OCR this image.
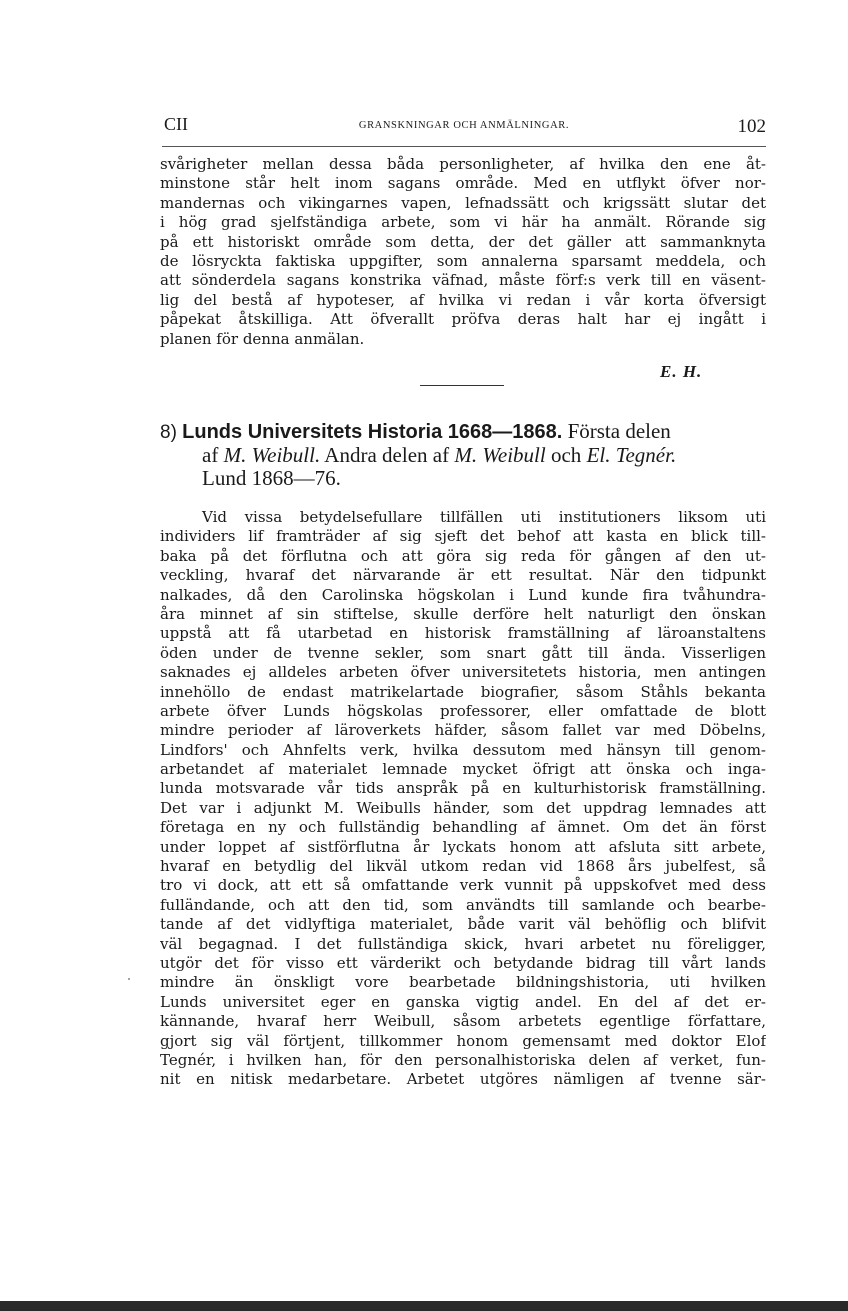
CII	GRANSKNINGAR OCH ANMÄLNINGAR.	102
svårigheter mellan dessa båda personligheter, af hvilka den ene åt-
minstone står helt inom sagans område. Med en utflykt öfver nor-
mandernas och vikingarnes vapen, lefnadssätt och krigssätt slutar det
i hög grad sjelfständiga arbete, som vi här ha anmält. Rörande sig
på ett historiskt område som detta, der det gäller att sammanknyta
de lösryckta faktiska uppgifter, som annalerna sparsamt meddela, och
att sönderdela sagans konstrika väfnad, måste förf:s verk till en väsent-
lig del bestå af hypoteser, af hvilka vi redan i vår korta öfversigt
påpekat åtskilliga. Att öfverallt pröfva deras halt har ej ingått i
planen för denna anmälan.
E. H.
8) Lunds Universitets Historia 1668—1868. Första delen
af M. Weibull. Andra delen af M. Weibull och El. Tegnér.
Lund 1868—76.
Vid vissa betydelsefullare tillfällen uti institutioners liksom uti
individers lif framträder af sig sjeft det behof att kasta en blick till-
baka på det förflutna och att göra sig reda för gången af den ut-
veckling, hvaraf det närvarande är ett resultat. När den tidpunkt
nalkades, då den Carolinska högskolan i Lund kunde fira tvåhundra-
åra minnet af sin stiftelse, skulle derföre helt naturligt den önskan
uppstå att få utarbetad en historisk framställning af läroanstaltens
öden under de tvenne sekler, som snart gått till ända. Visserligen
saknades ej alldeles arbeten öfver universitetets historia, men antingen
innehöllo de endast matrikelartade biografier, såsom Ståhls bekanta
arbete öfver Lunds högskolas professorer, eller omfattade de blott
mindre perioder af läroverkets häfder, såsom fallet var med Döbelns,
Lindfors' och Ahnfelts verk, hvilka dessutom med hänsyn till genom-
arbetandet af materialet lemnade mycket öfrigt att önska och inga-
lunda motsvarade vår tids anspråk på en kulturhistorisk framställning.
Det var i adjunkt M. Weibulls händer, som det uppdrag lemnades att
företaga en ny och fullständig behandling af ämnet. Om det än först
under loppet af sistförflutna år lyckats honom att afsluta sitt arbete,
hvaraf en betydlig del likväl utkom redan vid 1868 års jubelfest, så
tro vi dock, att ett så omfattande verk vunnit på uppskofvet med dess
fulländande, och att den tid, som användts till samlande och bearbe-
tande af det vidlyftiga materialet, både varit väl behöflig och blifvit
väl begagnad. I det fullständiga skick, hvari arbetet nu föreligger,
utgör det för visso ett värderikt och betydande bidrag till vårt lands
mindre än önskligt vore bearbetade bildningshistoria, uti hvilken
Lunds universitet eger en ganska vigtig andel. En del af det er-
kännande, hvaraf herr Weibull, såsom arbetets egentlige författare,
gjort sig väl förtjent, tillkommer honom gemensamt med doktor Elof
Tegnér, i hvilken han, för den personalhistoriska delen af verket, fun-
nit en nitisk medarbetare. Arbetet utgöres nämligen af tvenne sär-
